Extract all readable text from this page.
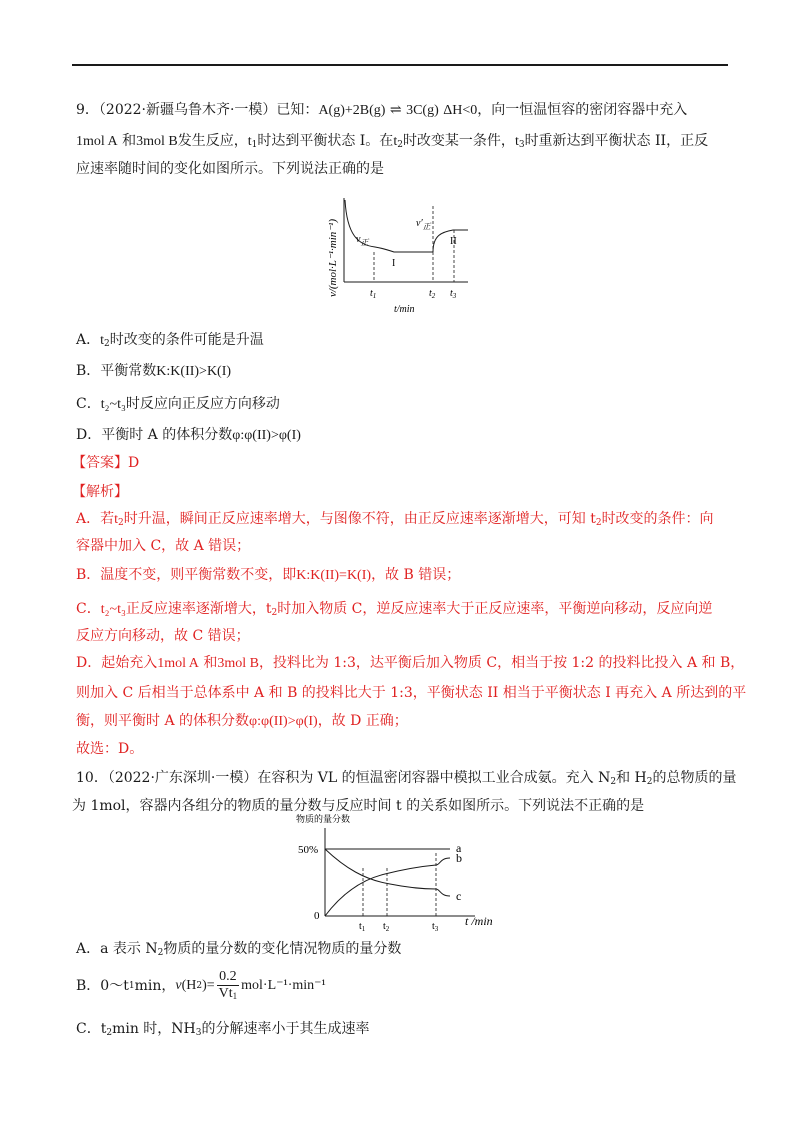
9．（2022·新疆乌鲁木齐·一模）已知：A(g)+2B(g) ⇌ 3C(g) ΔH<0，向一恒温恒容的密闭容器中充入
1mol A 和3mol B发生反应，$t_1$时达到平衡状态 I。在$t_2$时改变某一条件，$t_3$时重新达到平衡状态 II，正反
应速率随时间的变化如图所示。下列说法正确的是
v/(mol·L⁻¹·min⁻¹) $v_正$
$v'_正$
I
II
$t_1$	$t_2$ $t_3$
t/min
A．$t_2$时改变的条件可能是升温
B．平衡常数K:K(II)>K(I)
C．t₂~t₃时反应向正反应方向移动
D．平衡时 A 的体积分数φ:φ(II)>φ(I)
【答案】D
【解析】
A．若$t_2$时升温，瞬间正反应速率增大，与图像不符，由正反应速率逐渐增大，可知 $t_2$时改变的条件：向
容器中加入 C，故 A 错误；
B．温度不变，则平衡常数不变，即K:K(II)=K(I)，故 B 错误；
C．t₂~t₃正反应速率逐渐增大，$t_2$时加入物质 C，逆反应速率大于正反应速率，平衡逆向移动，反应向逆
反应方向移动，故 C 错误；
D．起始充入1mol A 和3mol B，投料比为 1:3，达平衡后加入物质 C，相当于按 1:2 的投料比投入 A 和 B，
则加入 C 后相当于总体系中 A 和 B 的投料比大于 1:3，平衡状态 II 相当于平衡状态 I 再充入 A 所达到的平
衡，则平衡时 A 的体积分数φ:φ(II)>φ(I)，故 D 正确；
故选：D。
10．（2022·广东深圳·一模）在容积为 VL 的恒温密闭容器中模拟工业合成氨。充入 $N_2$和 $H_2$的总物质的量
为 1mol，容器内各组分的物质的量分数与反应时间 t 的关系如图所示。下列说法不正确的是
物质的量分数
50%
0
a
b
c
$t_1$ $t_2$	$t_3$
t /min
A．a 表示 $N_2$物质的量分数的变化情况物质的量分数
B．0～t 1 min， v (H 2 )= $\frac{0.2}{Vt_1} mol\cdot L^{-1}\cdot\min^{-1}$
C．$t_2\min$ 时，$NH_3$的分解速率小于其生成速率
